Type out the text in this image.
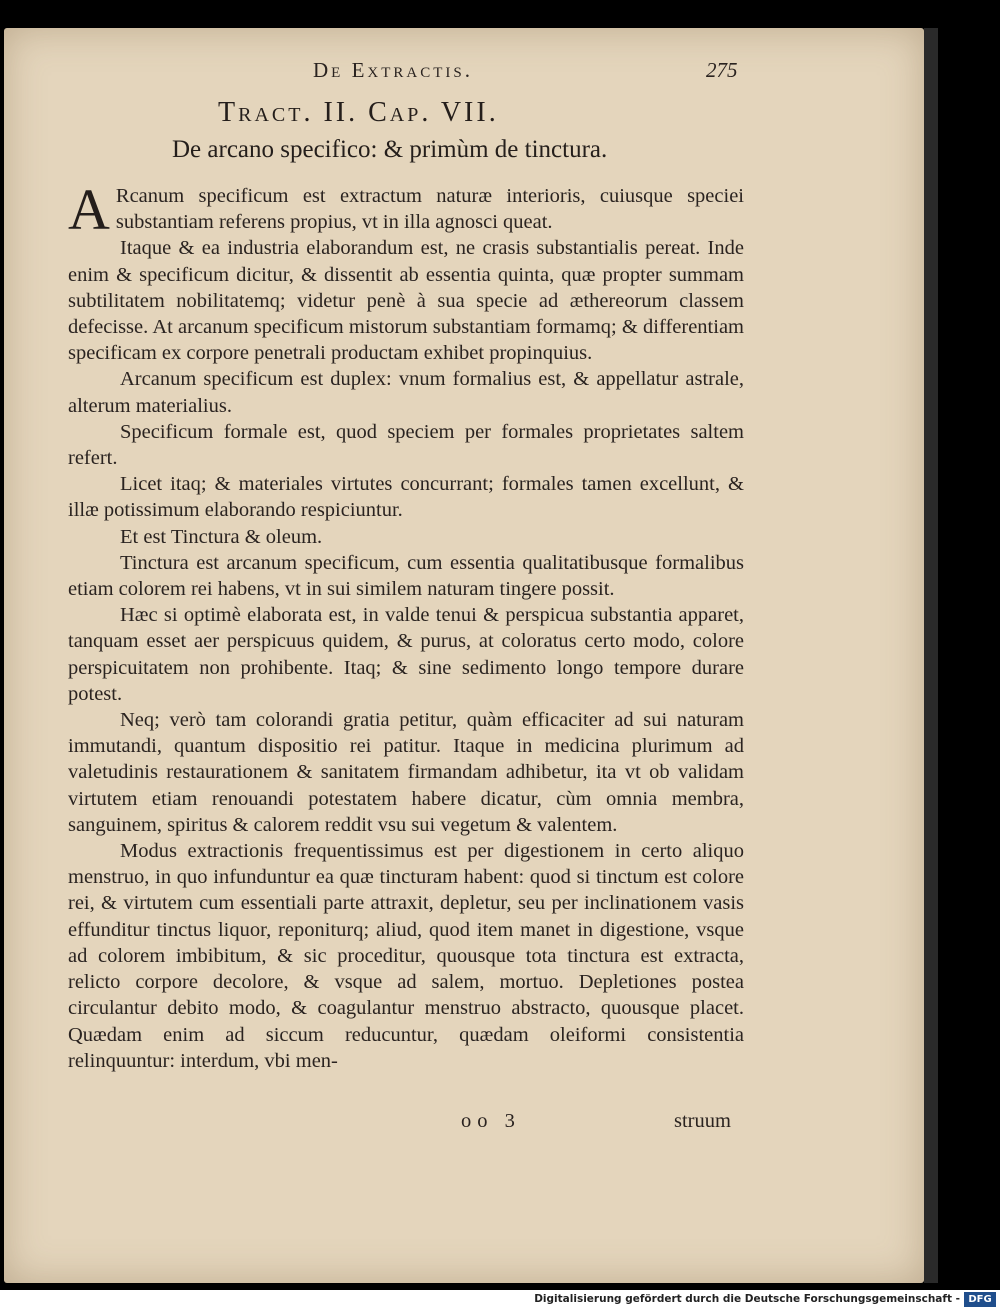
De Extractis.	275
Tract. II. Cap. VII.
De arcano specifico: & primùm de tinctura.

A Rcanum specificum est extractum naturæ interioris, cuiusque speciei substantiam referens propius, vt in illa agnosci queat.

Itaque & ea industria elaborandum est, ne crasis substantialis pereat. Inde enim & specificum dicitur, & dissentit ab essentia quinta, quæ propter summam subtilitatem nobilitatemq; videtur penè à sua specie ad æthereorum classem defecisse. At arcanum specificum mistorum substantiam formamq; & differentiam specificam ex corpore penetrali productam exhibet propinquius.

Arcanum specificum est duplex: vnum formalius est, & appellatur astrale, alterum materialius.

Specificum formale est, quod speciem per formales proprietates saltem refert.

Licet itaq; & materiales virtutes concurrant; formales tamen excellunt, & illæ potissimum elaborando respiciuntur.

Et est Tinctura & oleum.

Tinctura est arcanum specificum, cum essentia qualitatibusque formalibus etiam colorem rei habens, vt in sui similem naturam tingere possit.

Hæc si optimè elaborata est, in valde tenui & perspicua substantia apparet, tanquam esset aer perspicuus quidem, & purus, at coloratus certo modo, colore perspicuitatem non prohibente. Itaq; & sine sedimento longo tempore durare potest.

Neq; verò tam colorandi gratia petitur, quàm efficaciter ad sui naturam immutandi, quantum dispositio rei patitur. Itaque in medicina plurimum ad valetudinis restaurationem & sanitatem firmandam adhibetur, ita vt ob validam virtutem etiam renouandi potestatem habere dicatur, cùm omnia membra, sanguinem, spiritus & calorem reddit vsu sui vegetum & valentem.

Modus extractionis frequentissimus est per digestionem in certo aliquo menstruo, in quo infunduntur ea quæ tincturam habent: quod si tinctum est colore rei, & virtutem cum essentiali parte attraxit, depletur, seu per inclinationem vasis effunditur tinctus liquor, reponiturq; aliud, quod item manet in digestione, vsque ad colorem imbibitum, & sic proceditur, quousque tota tinctura est extracta, relicto corpore decolore, & vsque ad salem, mortuo. Depletiones postea circulantur debito modo, & coagulantur menstruo abstracto, quousque placet. Quædam enim ad siccum reducuntur, quædam oleiformi consistentia relinquuntur: interdum, vbi men-

oo 3	struum
Digitalisierung gefördert durch die Deutsche Forschungsgemeinschaft - DFG
